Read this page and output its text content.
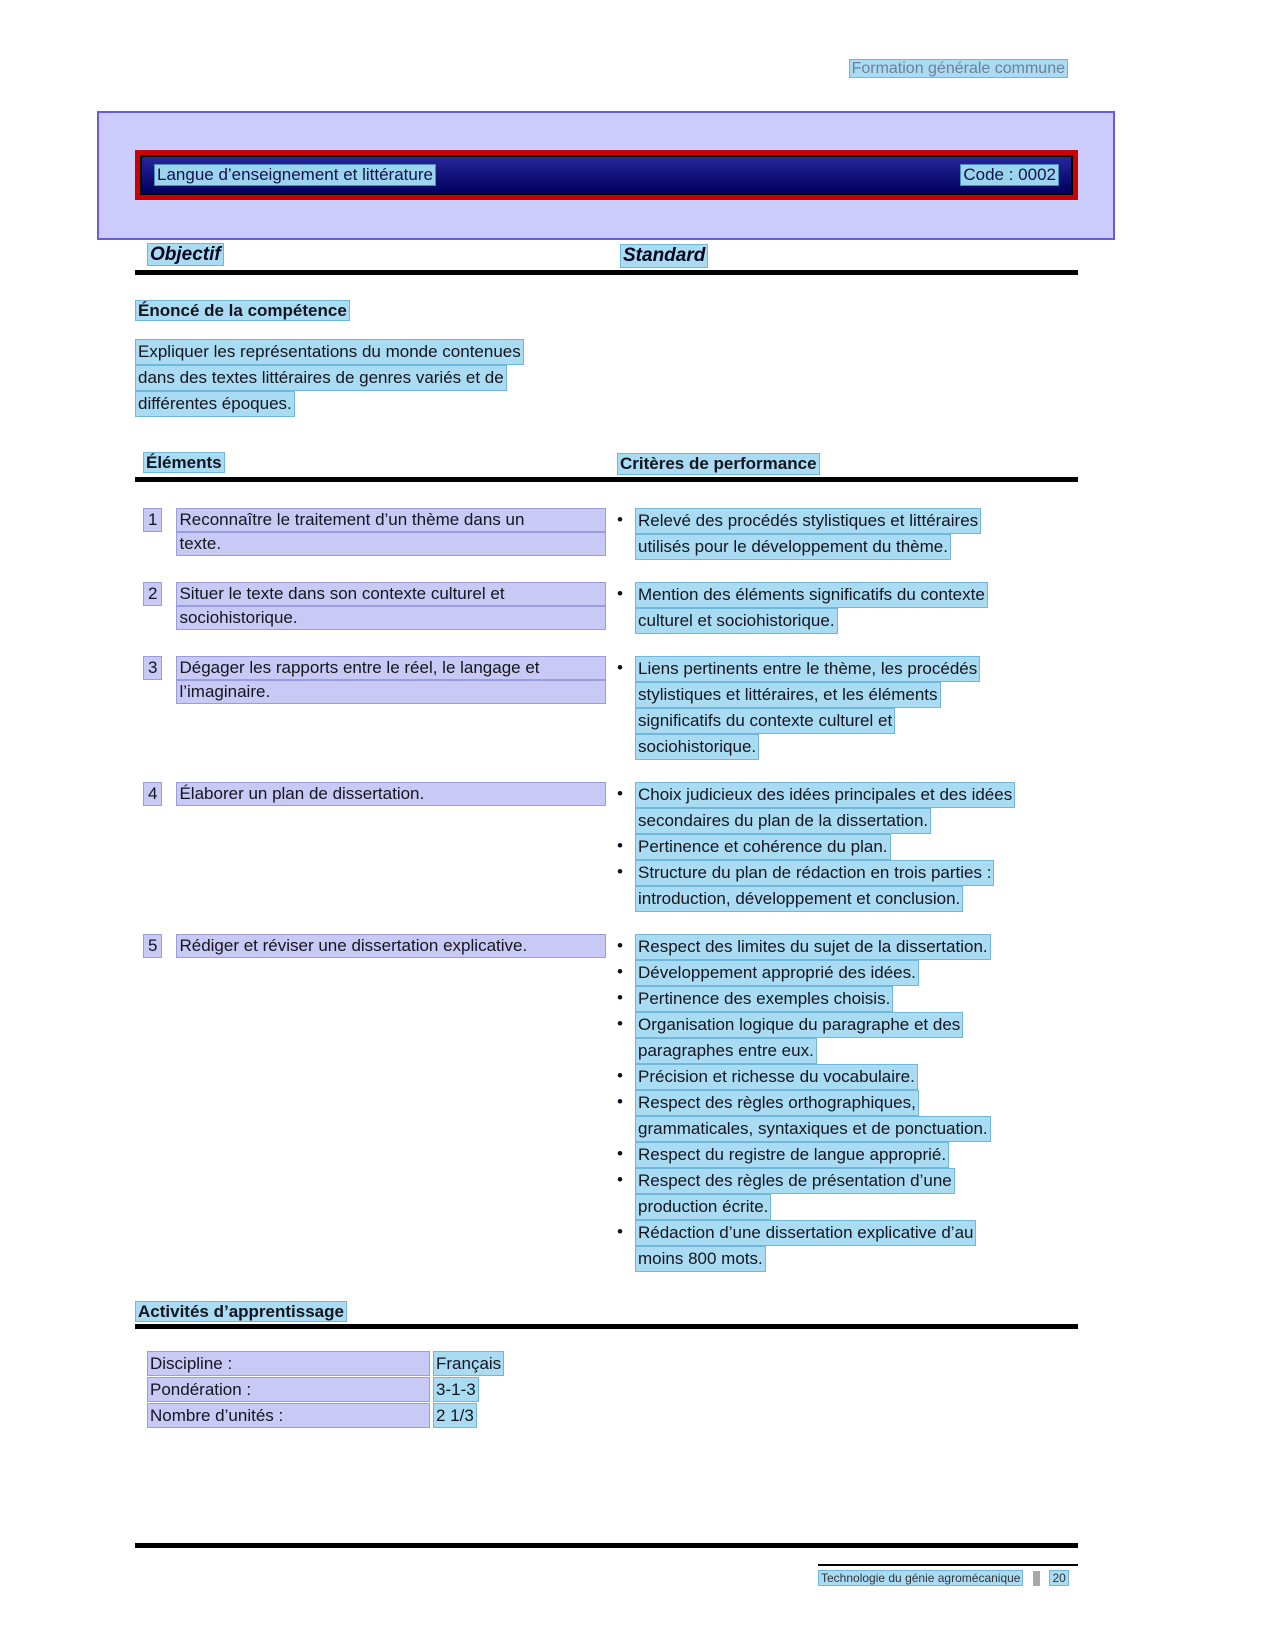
Formation générale commune
Langue d’enseignement et littérature	Code : 0002
Objectif	Standard
Énoncé de la compétence
Expliquer les représentations du monde contenues
dans des textes littéraires de genres variés et de
différentes époques.
Éléments	Critères de performance
1 Reconnaître le traitement d’un thème dans un
texte.
• Relevé des procédés stylistiques et littéraires
utilisés pour le développement du thème.
2 Situer le texte dans son contexte culturel et
sociohistorique.
• Mention des éléments significatifs du contexte
culturel et sociohistorique.
3 Dégager les rapports entre le réel, le langage et
l’imaginaire.
• Liens pertinents entre le thème, les procédés
stylistiques et littéraires, et les éléments
significatifs du contexte culturel et
sociohistorique.
4 Élaborer un plan de dissertation.	• Choix judicieux des idées principales et des idées
secondaires du plan de la dissertation.
• Pertinence et cohérence du plan.
• Structure du plan de rédaction en trois parties :
introduction, développement et conclusion.
5 Rédiger et réviser une dissertation explicative.	• Respect des limites du sujet de la dissertation.
• Développement approprié des idées.
• Pertinence des exemples choisis.
• Organisation logique du paragraphe et des
paragraphes entre eux.
• Précision et richesse du vocabulaire.
• Respect des règles orthographiques,
grammaticales, syntaxiques et de ponctuation.
• Respect du registre de langue approprié.
• Respect des règles de présentation d’une
production écrite.
• Rédaction d’une dissertation explicative d’au
moins 800 mots.
Activités d’apprentissage
Discipline :	Français
Pondération :	3-1-3
Nombre d’unités :	2 1/3
Technologie du génie agromécanique	20
